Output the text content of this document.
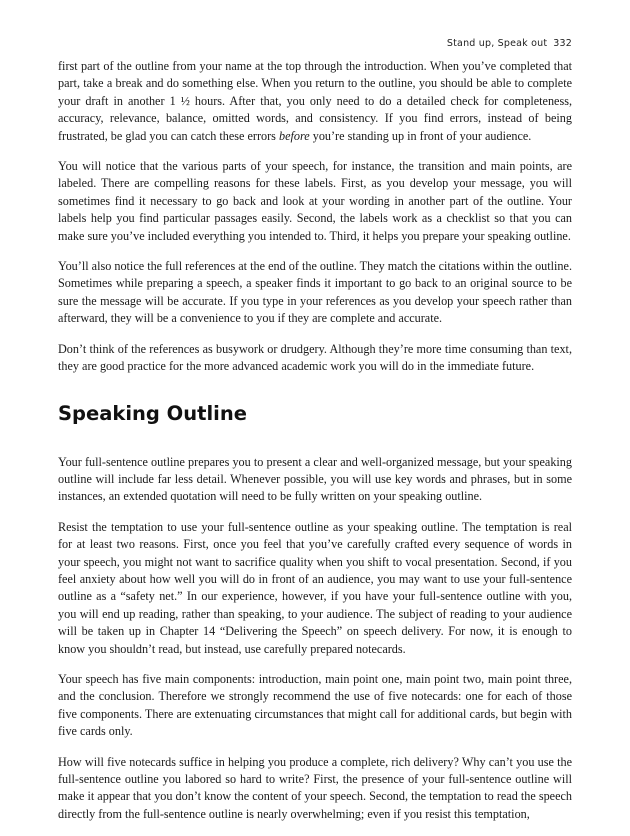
Stand up, Speak out 332

first part of the outline from your name at the top through the introduction. When you’ve completed that part, take a break and do something else. When you return to the outline, you should be able to complete your draft in another 1 ½ hours. After that, you only need to do a detailed check for completeness, accuracy, relevance, balance, omitted words, and consistency. If you find errors, instead of being frustrated, be glad you can catch these errors before you’re standing up in front of your audience.

You will notice that the various parts of your speech, for instance, the transition and main points, are labeled. There are compelling reasons for these labels. First, as you develop your message, you will sometimes find it necessary to go back and look at your wording in another part of the outline. Your labels help you find particular passages easily. Second, the labels work as a checklist so that you can make sure you’ve included everything you intended to. Third, it helps you prepare your speaking outline.

You’ll also notice the full references at the end of the outline. They match the citations within the outline. Sometimes while preparing a speech, a speaker finds it important to go back to an original source to be sure the message will be accurate. If you type in your references as you develop your speech rather than afterward, they will be a convenience to you if they are complete and accurate.

Don’t think of the references as busywork or drudgery. Although they’re more time consuming than text, they are good practice for the more advanced academic work you will do in the immediate future.

Speaking Outline

Your full-sentence outline prepares you to present a clear and well-organized message, but your speaking outline will include far less detail. Whenever possible, you will use key words and phrases, but in some instances, an extended quotation will need to be fully written on your speaking outline.

Resist the temptation to use your full-sentence outline as your speaking outline. The temptation is real for at least two reasons. First, once you feel that you’ve carefully crafted every sequence of words in your speech, you might not want to sacrifice quality when you shift to vocal presentation. Second, if you feel anxiety about how well you will do in front of an audience, you may want to use your full-sentence outline as a “safety net.” In our experience, however, if you have your full-sentence outline with you, you will end up reading, rather than speaking, to your audience. The subject of reading to your audience will be taken up in Chapter 14 “Delivering the Speech” on speech delivery. For now, it is enough to know you shouldn’t read, but instead, use carefully prepared notecards.

Your speech has five main components: introduction, main point one, main point two, main point three, and the conclusion. Therefore we strongly recommend the use of five notecards: one for each of those five components. There are extenuating circumstances that might call for additional cards, but begin with five cards only.

How will five notecards suffice in helping you produce a complete, rich delivery? Why can’t you use the full-sentence outline you labored so hard to write? First, the presence of your full-sentence outline will make it appear that you don’t know the content of your speech. Second, the temptation to read the speech directly from the full-sentence outline is nearly overwhelming; even if you resist this temptation,
